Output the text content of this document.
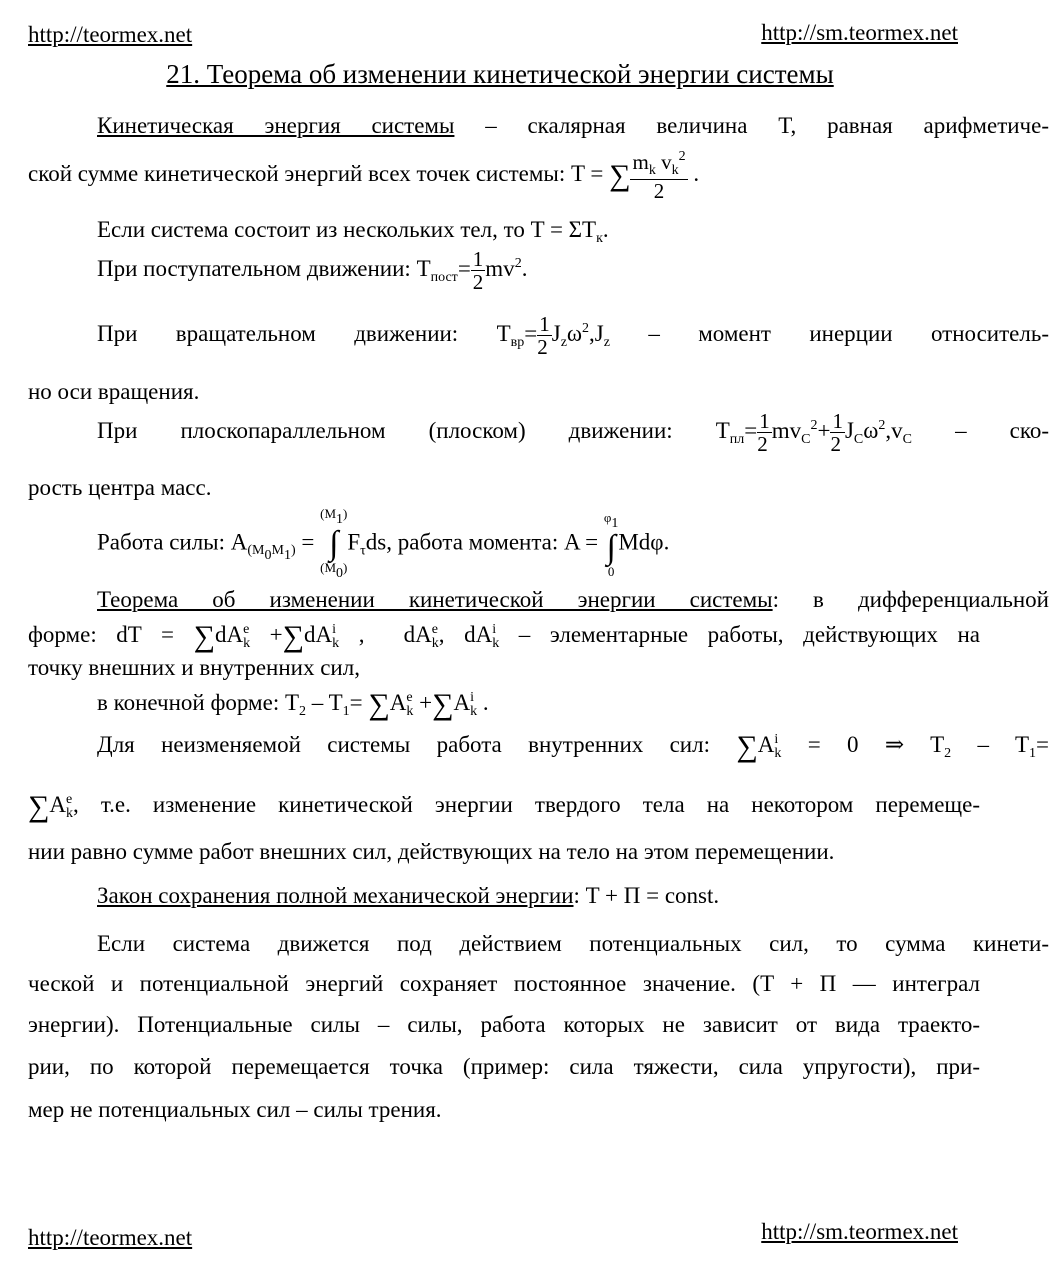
http://teormex.net	http://sm.teormex.net
21. Теорема об изменении кинетической энергии системы
Кинетическая энергия системы – скалярная величина T, равная арифметиче-
ской сумме кинетической энергий всех точек системы: T = ∑ $\frac{m_k v_k^2}{2}$ .
Если система состоит из нескольких тел, то $T = \Sigma T_к$.
При поступательном движении: $T_{пост}= \frac{1}{2} mv^2$.
При вращательном движении: $T_{вр}= \frac{1}{2} J_z\omega^2,J_z$ – момент инерции относитель-
но оси вращения.
При плоскопараллельном (плоском) движении: $T_{пл}= \frac{1}{2} mv_C^2+ \frac{1}{2} J_C\omega^2,v_C - ско-$
рость центра масс.
Работа силы: $A_{(M_0M_1)}$ =
$(M_1)$
∫
$(M_0)$
$F_\tau ds$, работа момента: A =
$\varphi_1$
∫
0
Mdφ.
Теорема об изменении кинетической энергии системы: в дифференциальной
форме: dT = ∑dA e
k +∑dA i
k ,  dA e
k , dA i
k – элементарные работы, действующих на
точку внешних и внутренних сил,
в конечной форме: $T_2 - T_1= \sum A$ e
k +∑A i
k .
Для неизменяемой системы работа внутренних сил: ∑A i
k = 0 ⇒ $T_2 - T_1=$
∑A e
k , т.е. изменение кинетической энергии твердого тела на некотором перемеще-
нии равно сумме работ внешних сил, действующих на тело на этом перемещении.
Закон сохранения полной механической энергии: T + П = const.
Если система движется под действием потенциальных сил, то сумма кинети-
ческой и потенциальной энергий сохраняет постоянное значение. (T + П — интеграл
энергии). Потенциальные силы – силы, работа которых не зависит от вида траекто-
рии, по которой перемещается точка (пример: сила тяжести, сила упругости), при-
мер не потенциальных сил – силы трения.
http://teormex.net	http://sm.teormex.net
